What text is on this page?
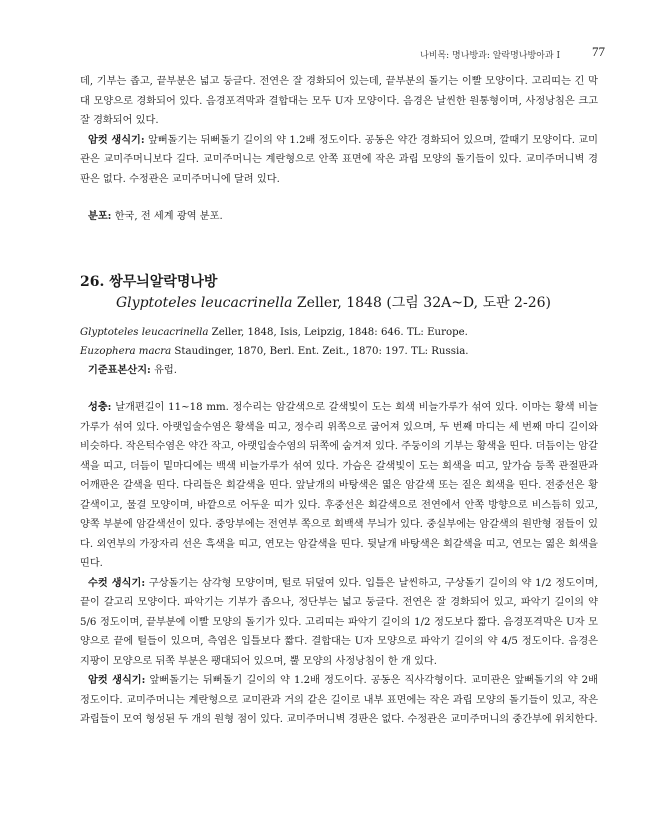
나비목: 명나방과: 알락명나방아과 I	77

데, 기부는 좁고, 끝부분은 넓고 둥글다. 전연은 잘 경화되어 있는데, 끝부분의 돌기는 이빨 모양이다. 고리띠는 긴 막대 모양으로 경화되어 있다. 음경포격막과 결합대는 모두 U자 모양이다. 음경은 날씬한 원통형이며, 사정낭침은 크고 잘 경화되어 있다.

암컷 생식기: 앞뻐돌기는 뒤뻐돌기 길이의 약 1.2배 정도이다. 공동은 약간 경화되어 있으며, 깔때기 모양이다. 교미관은 교미주머니보다 길다. 교미주머니는 계란형으로 안쪽 표면에 작은 과립 모양의 돌기들이 있다. 교미주머니벽 경판은 없다. 수정관은 교미주머니에 달려 있다.

분포: 한국, 전 세계 광역 분포.

26. 쌍무늬알락명나방
Glyptoteles leucacrinella Zeller, 1848 (그림 32A~D, 도판 2-26)
Glyptoteles leucacrinella Zeller, 1848, Isis, Leipzig, 1848: 646. TL: Europe.
Euzophera macra Staudinger, 1870, Berl. Ent. Zeit., 1870: 197. TL: Russia.

기준표본산지: 유럽.

성충: 날개편길이 11~18 mm. 정수리는 암갈색으로 갈색빛이 도는 회색 비늘가루가 섞여 있다. 이마는 황색 비늘가루가 섞여 있다. 아랫입술수염은 황색을 띠고, 정수리 위쪽으로 굽어져 있으며, 두 번째 마디는 세 번째 마디 길이와 비슷하다. 작은턱수염은 약간 작고, 아랫입술수염의 뒤쪽에 숨겨져 있다. 주둥이의 기부는 황색을 띤다. 더듬이는 암갈색을 띠고, 더듬이 밑마디에는 백색 비늘가루가 섞여 있다. 가슴은 갈색빛이 도는 회색을 띠고, 앞가슴 등쪽 관절판과 어깨판은 갈색을 띤다. 다리들은 회갈색을 띤다. 앞날개의 바탕색은 엷은 암갈색 또는 짙은 회색을 띤다. 전중선은 황갈색이고, 물결 모양이며, 바깥으로 어두운 띠가 있다. 후중선은 회갈색으로 전연에서 안쪽 방향으로 비스듬히 있고, 양쪽 부분에 암갈색선이 있다. 중앙부에는 전연부 쪽으로 회백색 무늬가 있다. 중실부에는 암갈색의 원반형 점들이 있다. 외연부의 가장자리 선은 흑색을 띠고, 연모는 암갈색을 띤다. 뒷날개 바탕색은 회갈색을 띠고, 연모는 엷은 회색을 띤다.

수컷 생식기: 구상돌기는 삼각형 모양이며, 털로 뒤덮여 있다. 입틀은 날씬하고, 구상돌기 길이의 약 1/2 정도이며, 끝이 갈고리 모양이다. 파악기는 기부가 좁으나, 정단부는 넓고 둥글다. 전연은 잘 경화되어 있고, 파악기 길이의 약 5/6 정도이며, 끝부분에 이빨 모양의 돌기가 있다. 고리띠는 파악기 길이의 1/2 정도보다 짧다. 음경포격막은 U자 모양으로 끝에 털들이 있으며, 측엽은 입틀보다 짧다. 결합대는 U자 모양으로 파악기 길이의 약 4/5 정도이다. 음경은 지팡이 모양으로 뒤쪽 부분은 팽대되어 있으며, 뿔 모양의 사정낭침이 한 개 있다.

암컷 생식기: 앞뻐돌기는 뒤뻐돌기 길이의 약 1.2배 정도이다. 공동은 직사각형이다. 교미관은 앞뻐돌기의 약 2배 정도이다. 교미주머니는 계란형으로 교미관과 거의 같은 길이로 내부 표면에는 작은 과립 모양의 돌기들이 있고, 작은 과립들이 모여 형성된 두 개의 원형 점이 있다. 교미주머니벽 경판은 없다. 수정관은 교미주머니의 중간부에 위치한다.
